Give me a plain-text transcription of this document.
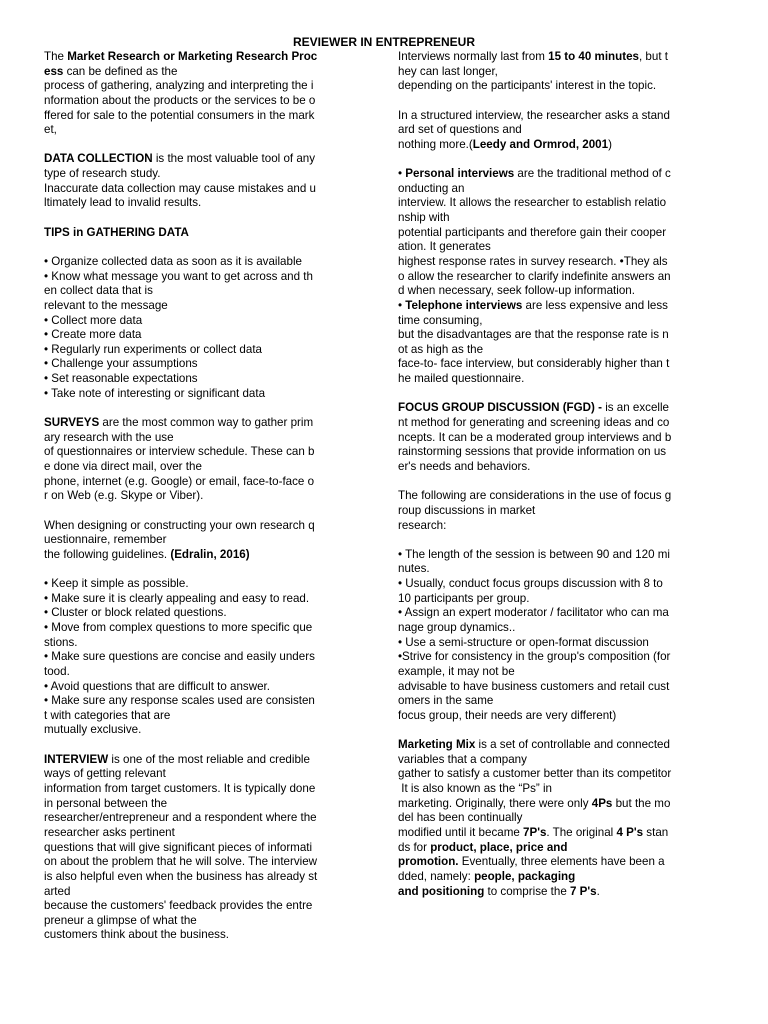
REVIEWER IN ENTREPRENEUR
The Market Research or Marketing Research Proc
ess can be defined as the
process of gathering, analyzing and interpreting the i
nformation about the products or the services to be o
ffered for sale to the potential consumers in the mark
et,
DATA COLLECTION is the most valuable tool of any
type of research study.
Inaccurate data collection may cause mistakes and u
ltimately lead to invalid results.
TIPS in GATHERING DATA
• Organize collected data as soon as it is available
• Know what message you want to get across and th
en collect data that is
relevant to the message
• Collect more data
• Create more data
• Regularly run experiments or collect data
• Challenge your assumptions
• Set reasonable expectations
• Take note of interesting or significant data
SURVEYS are the most common way to gather prim
ary research with the use
of questionnaires or interview schedule. These can b
e done via direct mail, over the
phone, internet (e.g. Google) or email, face-to-face o
r on Web (e.g. Skype or Viber).
When designing or constructing your own research q
uestionnaire, remember
the following guidelines. (Edralin, 2016)
• Keep it simple as possible.
• Make sure it is clearly appealing and easy to read.
• Cluster or block related questions.
• Move from complex questions to more specific que
stions.
• Make sure questions are concise and easily unders
tood.
• Avoid questions that are difficult to answer.
• Make sure any response scales used are consisten
t with categories that are
mutually exclusive.
INTERVIEW is one of the most reliable and credible
ways of getting relevant
information from target customers. It is typically done
in personal between the
researcher/entrepreneur and a respondent where the
researcher asks pertinent
questions that will give significant pieces of informati
on about the problem that he will solve. The interview
is also helpful even when the business has already st
arted
because the customers' feedback provides the entre
preneur a glimpse of what the
customers think about the business.
Interviews normally last from 15 to 40 minutes, but t
hey can last longer,
depending on the participants' interest in the topic.
In a structured interview, the researcher asks a stand
ard set of questions and
nothing more.(Leedy and Ormrod, 2001)
• Personal interviews are the traditional method of c
onducting an
interview. It allows the researcher to establish relatio
nship with
potential participants and therefore gain their cooper
ation. It generates
highest response rates in survey research. •They als
o allow the researcher to clarify indefinite answers an
d when necessary, seek follow-up information.
• Telephone interviews are less expensive and less
time consuming,
but the disadvantages are that the response rate is n
ot as high as the
face-to- face interview, but considerably higher than t
he mailed questionnaire.
FOCUS GROUP DISCUSSION (FGD) - is an excelle
nt method for generating and screening ideas and co
ncepts. It can be a moderated group interviews and b
rainstorming sessions that provide information on us
er's needs and behaviors.
The following are considerations in the use of focus g
roup discussions in market
research:
• The length of the session is between 90 and 120 mi
nutes.
• Usually, conduct focus groups discussion with 8 to
10 participants per group.
• Assign an expert moderator / facilitator who can ma
nage group dynamics..
• Use a semi-structure or open-format discussion
•Strive for consistency in the group's composition (for
example, it may not be
advisable to have business customers and retail cust
omers in the same
focus group, their needs are very different)
Marketing Mix is a set of controllable and connected
variables that a company
gather to satisfy a customer better than its competitor
It is also known as the “Ps” in
marketing. Originally, there were only 4Ps but the mo
del has been continually
modified until it became 7P's. The original 4 P's stan
ds for product, place, price and
promotion. Eventually, three elements have been a
dded, namely: people, packaging
and positioning to comprise the 7 P's.
